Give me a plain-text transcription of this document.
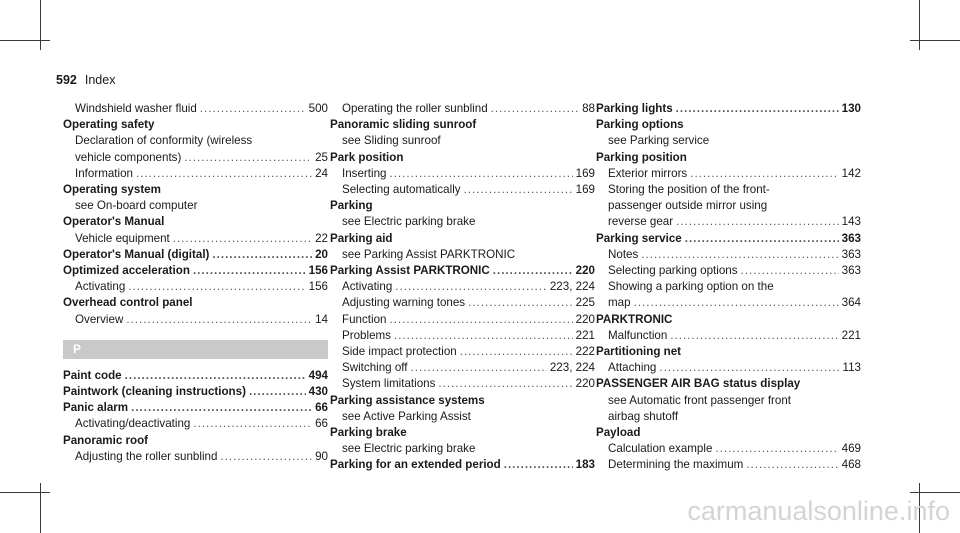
592 Index
Windshield washer fluid .....	500
Operating safety
Declaration of conformity (wireless
vehicle components) .....	25
Information .....	24
Operating system
see On-board computer
Operator's Manual
Vehicle equipment .....	22
Operator's Manual (digital) .....	20
Optimized acceleration .....	156
Activating .....	156
Overhead control panel
Overview .....	14
P
Paint code .....	494
Paintwork (cleaning instructions) .....	430
Panic alarm .....	66
Activating/deactivating .....	66
Panoramic roof
Adjusting the roller sunblind .....	90
Operating the roller sunblind .....	88
Panoramic sliding sunroof
see Sliding sunroof
Park position
Inserting .....	169
Selecting automatically .....	169
Parking
see Electric parking brake
Parking aid
see Parking Assist PARKTRONIC
Parking Assist PARKTRONIC .....	220
Activating .....	223, 224
Adjusting warning tones .....	225
Function .....	220
Problems .....	221
Side impact protection .....	222
Switching off .....	223, 224
System limitations .....	220
Parking assistance systems
see Active Parking Assist
Parking brake
see Electric parking brake
Parking for an extended period .....	183
Parking lights .....	130
Parking options
see Parking service
Parking position
Exterior mirrors .....	142
Storing the position of the front-
passenger outside mirror using
reverse gear .....	143
Parking service .....	363
Notes .....	363
Selecting parking options .....	363
Showing a parking option on the
map .....	364
PARKTRONIC
Malfunction .....	221
Partitioning net
Attaching .....	113
PASSENGER AIR BAG status display
see Automatic front passenger front
airbag shutoff
Payload
Calculation example .....	469
Determining the maximum .....	468
carmanualsonline.info
